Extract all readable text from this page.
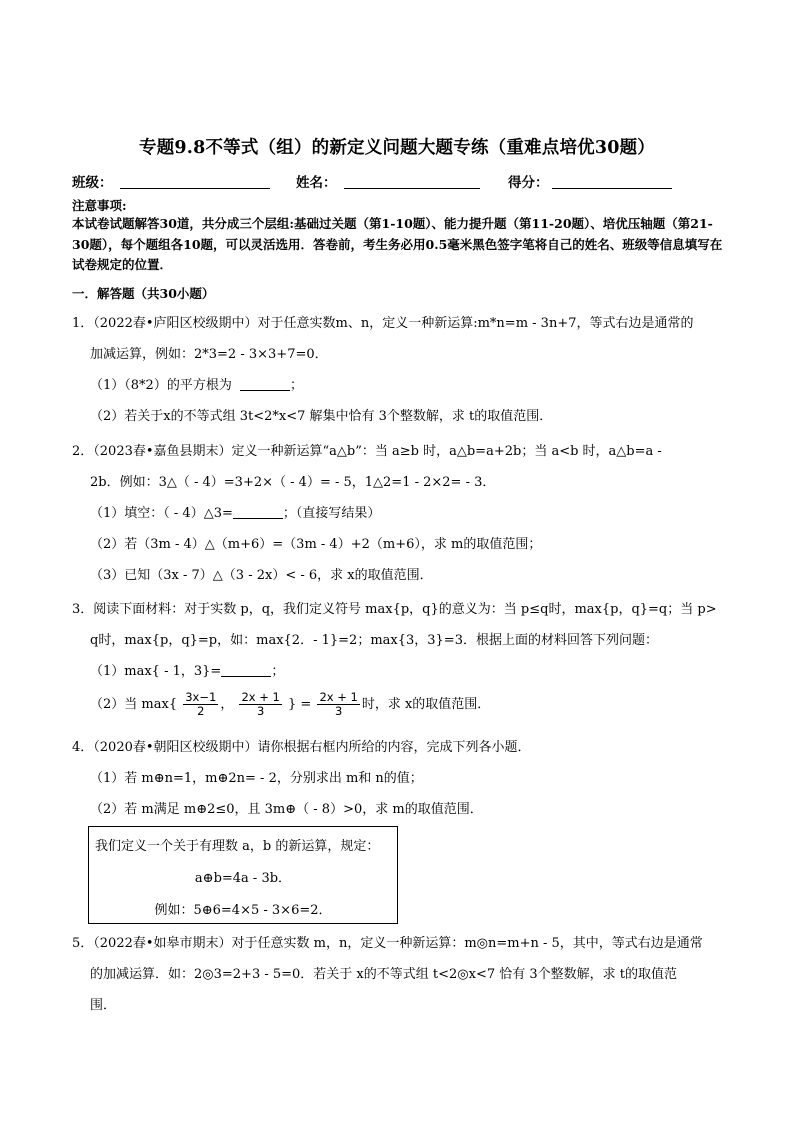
专题9.8不等式（组）的新定义问题大题专练（重难点培优30题）
班级：	姓名：	得分：
注意事项:
本试卷试题解答30道，共分成三个层组:基础过关题（第1-10题）、能力提升题（第11-20题）、培优压轴题（第21-30题），每个题组各10题，可以灵活选用．答卷前，考生务必用0.5毫米黑色签字笔将自己的姓名、班级等信息填写在试卷规定的位置．
一．解答题（共30小题）
1．（2022春•庐阳区校级期中）对于任意实数m、n，定义一种新运算:m*n=m - 3n+7，等式右边是通常的
加减运算，例如：2*3=2 - 3×3+7=0．
（1）（8*2）的平方根为	；
（2）若关于x的不等式组 3t<2*x<7 解集中恰有 3个整数解，求 t的取值范围．
2．（2023春•嘉鱼县期末）定义一种新运算“a△b”：当 a≥b 时，a△b=a+2b；当 a<b 时，a△b=a -
2b．例如：3△（ - 4）=3+2×（ - 4）= - 5，1△2=1 - 2×2= - 3．
（1）填空：（ - 4）△3=	；（直接写结果）
（2）若（3m - 4）△（m+6）=（3m - 4）+2（m+6），求 m的取值范围；
（3）已知（3x - 7）△（3 - 2x）< - 6，求 x的取值范围．
3．阅读下面材料：对于实数 p，q，我们定义符号 max{p，q}的意义为：当 p≤q时，max{p，q}=q；当 p>
q时，max{p，q}=p，如：max{2．- 1}=2；max{3，3}=3．根据上面的材料回答下列问题：
（1）max{ - 1，3}=	；
（2）当 $\max\{ \frac{3x-1}{2}$ ， $\frac{2x + 1}{3}$ } = $\frac{2x + 1}{3}$ 时，求 x的取值范围．
4．（2020春•朝阳区校级期中）请你根据右框内所给的内容，完成下列各小题．
（1）若 m⊕n=1，m⊕2n= - 2，分别求出 m和 n的值；
（2）若 m满足 m⊕2≤0，且 3m⊕（ - 8）>0，求 m的取值范围．
我们定义一个关于有理数 a，b 的新运算，规定：
a⊕b=4a - 3b．
例如：5⊕6=4×5 - 3×6=2．
5．（2022春•如皋市期末）对于任意实数 m，n，定义一种新运算：m◎n=m+n - 5，其中，等式右边是通常
的加减运算．如：2◎3=2+3 - 5=0．若关于 x的不等式组 t<2◎x<7 恰有 3个整数解，求 t的取值范
围．
